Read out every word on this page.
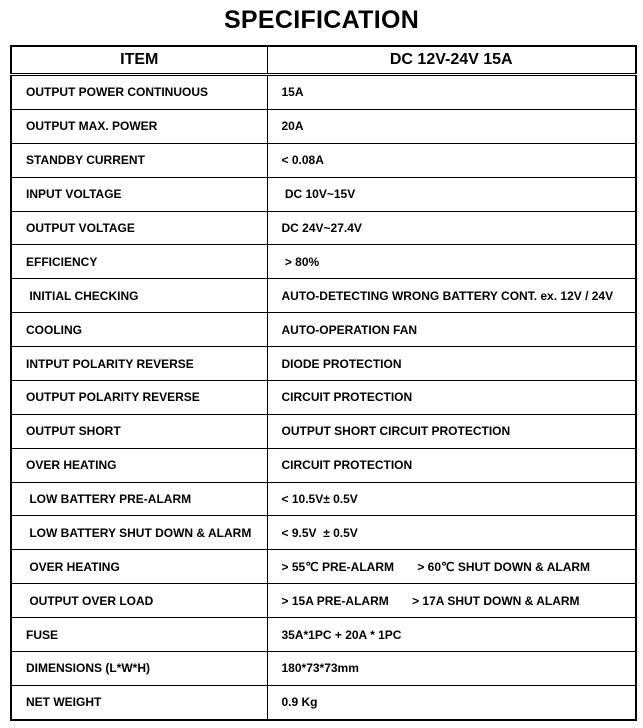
SPECIFICATION
ITEM	DC 12V-24V 15A
OUTPUT POWER CONTINUOUS	15A
OUTPUT MAX. POWER	20A
STANDBY CURRENT	< 0.08A
INPUT VOLTAGE	DC 10V~15V
OUTPUT VOLTAGE	DC 24V~27.4V
EFFICIENCY	> 80%
INITIAL CHECKING	AUTO-DETECTING WRONG BATTERY CONT. ex. 12V / 24V
COOLING	AUTO-OPERATION FAN
INTPUT POLARITY REVERSE	DIODE PROTECTION
OUTPUT POLARITY REVERSE	CIRCUIT PROTECTION
OUTPUT SHORT	OUTPUT SHORT CIRCUIT PROTECTION
OVER HEATING	CIRCUIT PROTECTION
LOW BATTERY PRE-ALARM	< 10.5V± 0.5V
LOW BATTERY SHUT DOWN & ALARM	< 9.5V  ± 0.5V
OVER HEATING	> 55℃ PRE-ALARM       > 60℃ SHUT DOWN & ALARM
OUTPUT OVER LOAD	> 15A PRE-ALARM       > 17A SHUT DOWN & ALARM
FUSE	35A*1PC + 20A * 1PC
DIMENSIONS (L*W*H)	180*73*73mm
NET WEIGHT	0.9 Kg
